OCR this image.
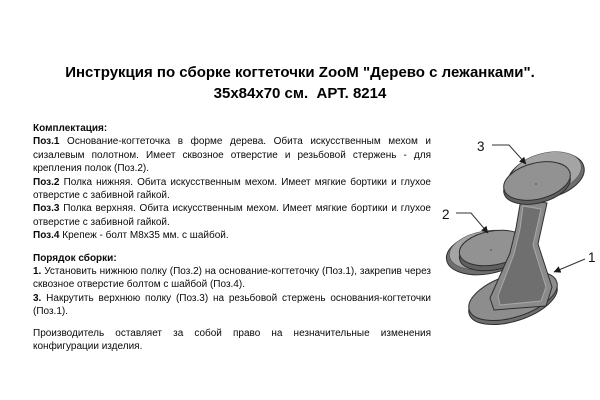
Инструкция по сборке когтеточки ZooM "Дерево с лежанками".
35х84х70 см.  АРТ. 8214

Комплектация:

Поз.1 Основание-когтеточка в форме дерева. Обита искусственным мехом и сизалевым полотном. Имеет сквозное отверстие и резьбовой стержень - для крепления полок (Поз.2).

Поз.2 Полка нижняя. Обита искусственным мехом. Имеет мягкие бортики и глухое отверстие с забивной гайкой.

Поз.3 Полка верхняя. Обита искусственным мехом. Имеет мягкие бортики и глухое отверстие с забивной гайкой.

Поз.4 Крепеж - болт М8х35 мм. с шайбой.

Порядок сборки:

1. Установить нижнюю полку (Поз.2) на основание-когтеточку (Поз.1), закрепив через сквозное отверстие болтом с шайбой (Поз.4).

3. Накрутить верхнюю полку (Поз.3) на резьбовой стержень основания-когтеточки (Поз.1).

Производитель оставляет за собой право на незначительные изменения конфигурации изделия.

3
2
1
